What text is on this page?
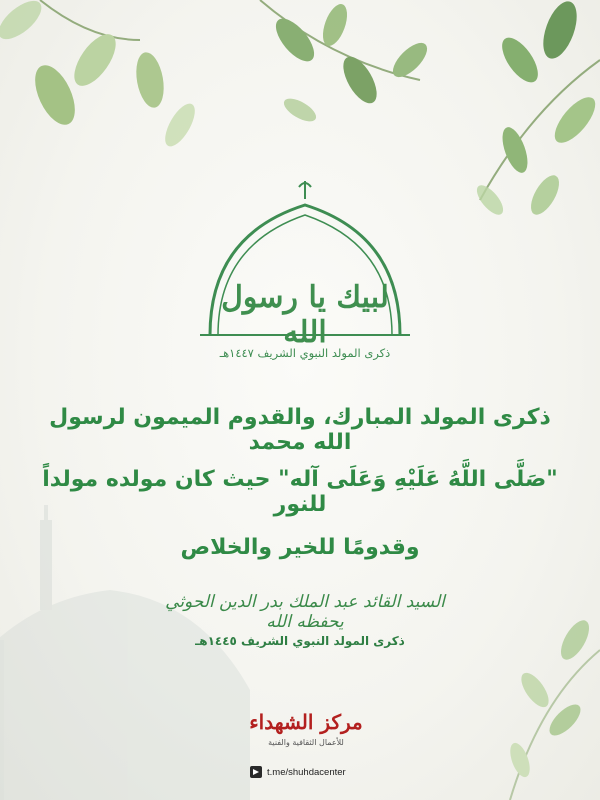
لبيك يا رسول الله
ذكرى المولد النبوي الشريف ١٤٤٧هـ
ذكرى المولد المبارك، والقدوم الميمون لرسول الله محمد
"صَلَّى اللَّهُ عَلَيْهِ وَعَلَى آله" حيث كان مولده مولداً للنور
وقدومًا للخير والخلاص
السيد القائد عبد الملك بدر الدين الحوثي يحفظه الله
ذكرى المولد النبوي الشريف ١٤٤٥هـ
مركز الشهداء
للأعمال الثقافية والفنية
t.me/shuhdacenter
